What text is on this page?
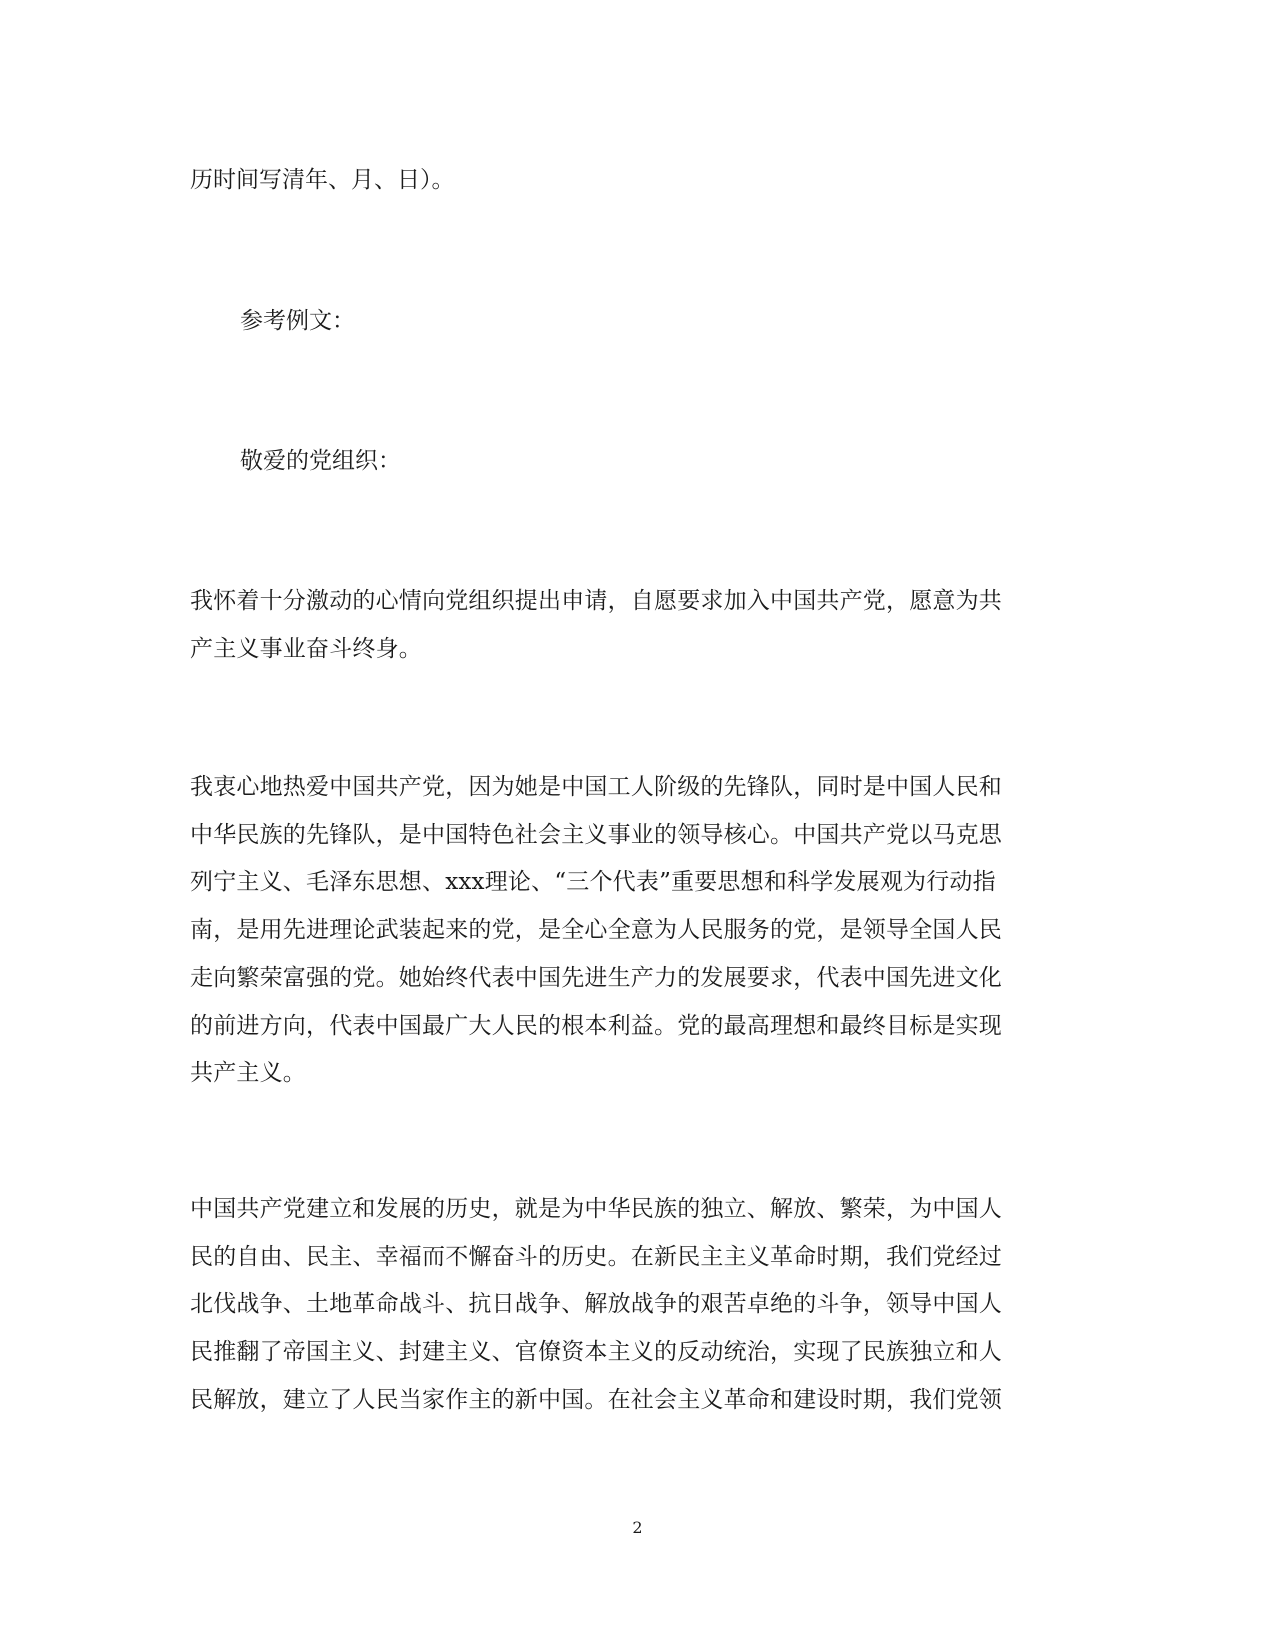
历时间写清年、月、日）。
参考例文：
敬爱的党组织：
我怀着十分激动的心情向党组织提出申请，自愿要求加入中国共产党，愿意为共
产主义事业奋斗终身。
我衷心地热爱中国共产党，因为她是中国工人阶级的先锋队，同时是中国人民和
中华民族的先锋队，是中国特色社会主义事业的领导核心。中国共产党以马克思
列宁主义、毛泽东思想、xxx理论、“三个代表”重要思想和科学发展观为行动指
南，是用先进理论武装起来的党，是全心全意为人民服务的党，是领导全国人民
走向繁荣富强的党。她始终代表中国先进生产力的发展要求，代表中国先进文化
的前进方向，代表中国最广大人民的根本利益。党的最高理想和最终目标是实现
共产主义。
中国共产党建立和发展的历史，就是为中华民族的独立、解放、繁荣，为中国人
民的自由、民主、幸福而不懈奋斗的历史。在新民主主义革命时期，我们党经过
北伐战争、土地革命战斗、抗日战争、解放战争的艰苦卓绝的斗争，领导中国人
民推翻了帝国主义、封建主义、官僚资本主义的反动统治，实现了民族独立和人
民解放，建立了人民当家作主的新中国。在社会主义革命和建设时期，我们党领
2
